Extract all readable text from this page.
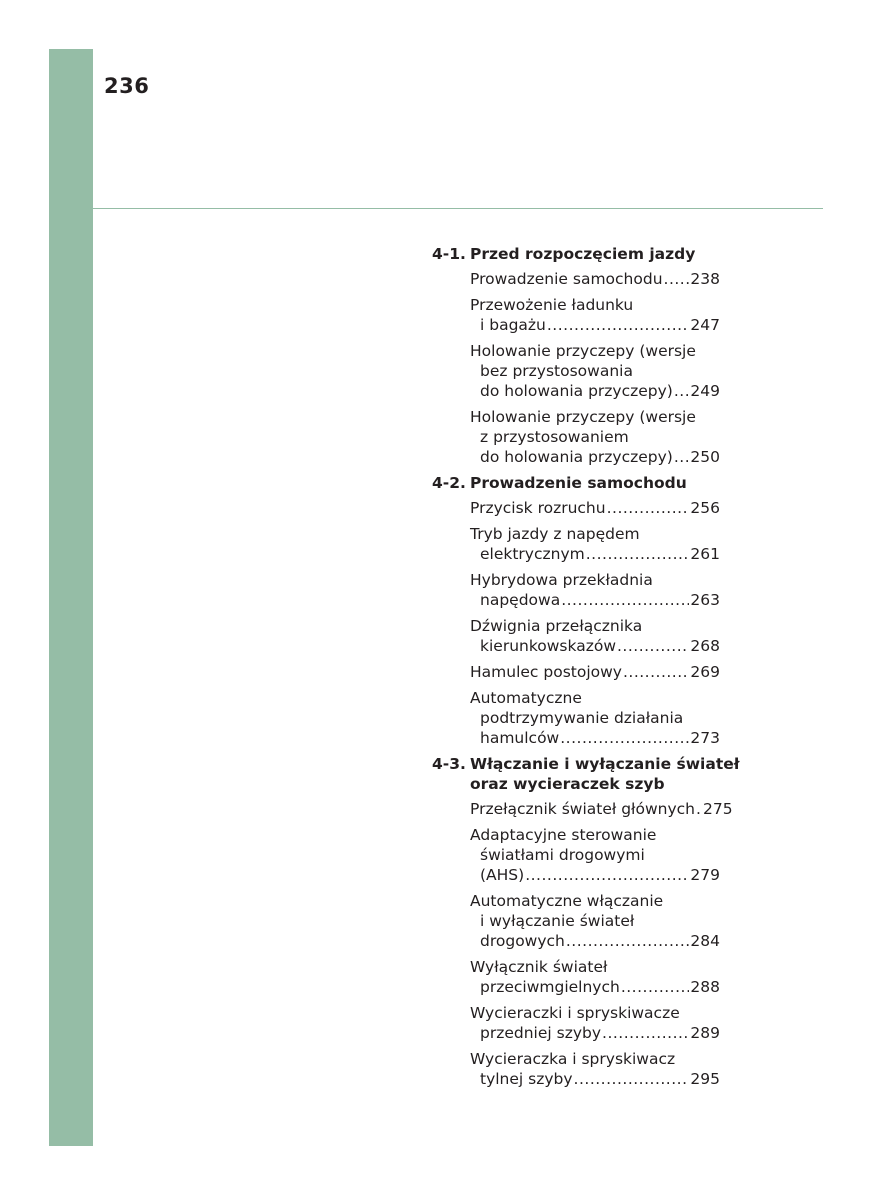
236
4-1. Przed rozpoczęciem jazdy
Prowadzenie samochodu ..... 238
Przewożenie ładunku
i bagażu .....	247
Holowanie przyczepy (wersje
bez przystosowania
do holowania przyczepy) ..... 249
Holowanie przyczepy (wersje
z przystosowaniem
do holowania przyczepy) ..... 250
4-2. Prowadzenie samochodu
Przycisk rozruchu .....	256
Tryb jazdy z napędem
elektrycznym .....	261
Hybrydowa przekładnia
napędowa .....	263
Dźwignia przełącznika
kierunkowskazów .....	268
Hamulec postojowy .....	269
Automatyczne
podtrzymywanie działania
hamulców .....	273
4-3. Włączanie i wyłączanie świateł
oraz wycieraczek szyb
Przełącznik świateł głównych ..... 275
Adaptacyjne sterowanie
światłami drogowymi
(AHS) .....	279
Automatyczne włączanie
i wyłączanie świateł
drogowych .....	284
Wyłącznik świateł
przeciwmgielnych .....	288
Wycieraczki i spryskiwacze
przedniej szyby .....	289
Wycieraczka i spryskiwacz
tylnej szyby .....	295
